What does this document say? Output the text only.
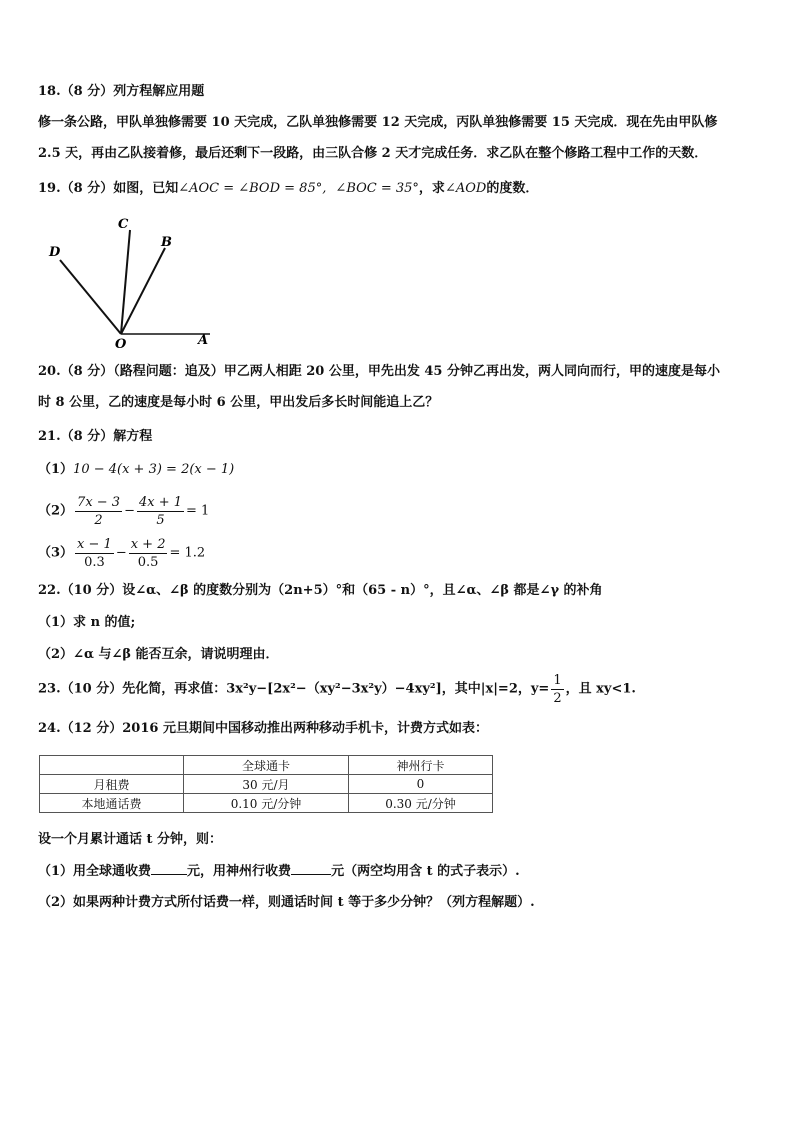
18.（8 分）列方程解应用题
修一条公路，甲队单独修需要 10 天完成，乙队单独修需要 12 天完成，丙队单独修需要 15 天完成．现在先由甲队修
2.5 天，再由乙队接着修，最后还剩下一段路，由三队合修 2 天才完成任务．求乙队在整个修路工程中工作的天数．
19.（8 分）如图，已知∠AOC = ∠BOD = 85°, ∠BOC = 35°，求∠AOD的度数．
C
B
D
O	A
20.（8 分）（路程问题：追及）甲乙两人相距 20 公里，甲先出发 45 分钟乙再出发，两人同向而行，甲的速度是每小
时 8 公里，乙的速度是每小时 6 公里，甲出发后多长时间能追上乙？
21.（8 分）解方程
（1）10 − 4(x + 3) = 2(x − 1)
$(2) \frac{7x - 3}{2} - \frac{4x + 1}{5} = 1$
$(3) \frac{x - 1}{0.3} - \frac{x + 2}{0.5} = 1.2$
22.（10 分）设∠α、∠β 的度数分别为（2n+5）°和（65 - n）°，且∠α、∠β 都是∠γ 的补角
（1）求 n 的值;
（2）∠α 与∠β 能否互余，请说明理由．
23.（10 分）先化简，再求值：3x²y−[2x²−（xy²−3x²y）−4xy²]，其中|x|=2，$y= \frac{1}{2}$ ，且 xy<1.
24.（12 分）2016 元旦期间中国移动推出两种移动手机卡，计费方式如表：
	全球通卡	神州行卡
月租费	30 元/月	0
本地通话费	0.10 元/分钟	0.30 元/分钟
设一个月累计通话 t 分钟，则：
（1）用全球通收费	元，用神州行收费	元（两空均用含 t 的式子表示）.
（2）如果两种计费方式所付话费一样，则通话时间 t 等于多少分钟？（列方程解题）.
